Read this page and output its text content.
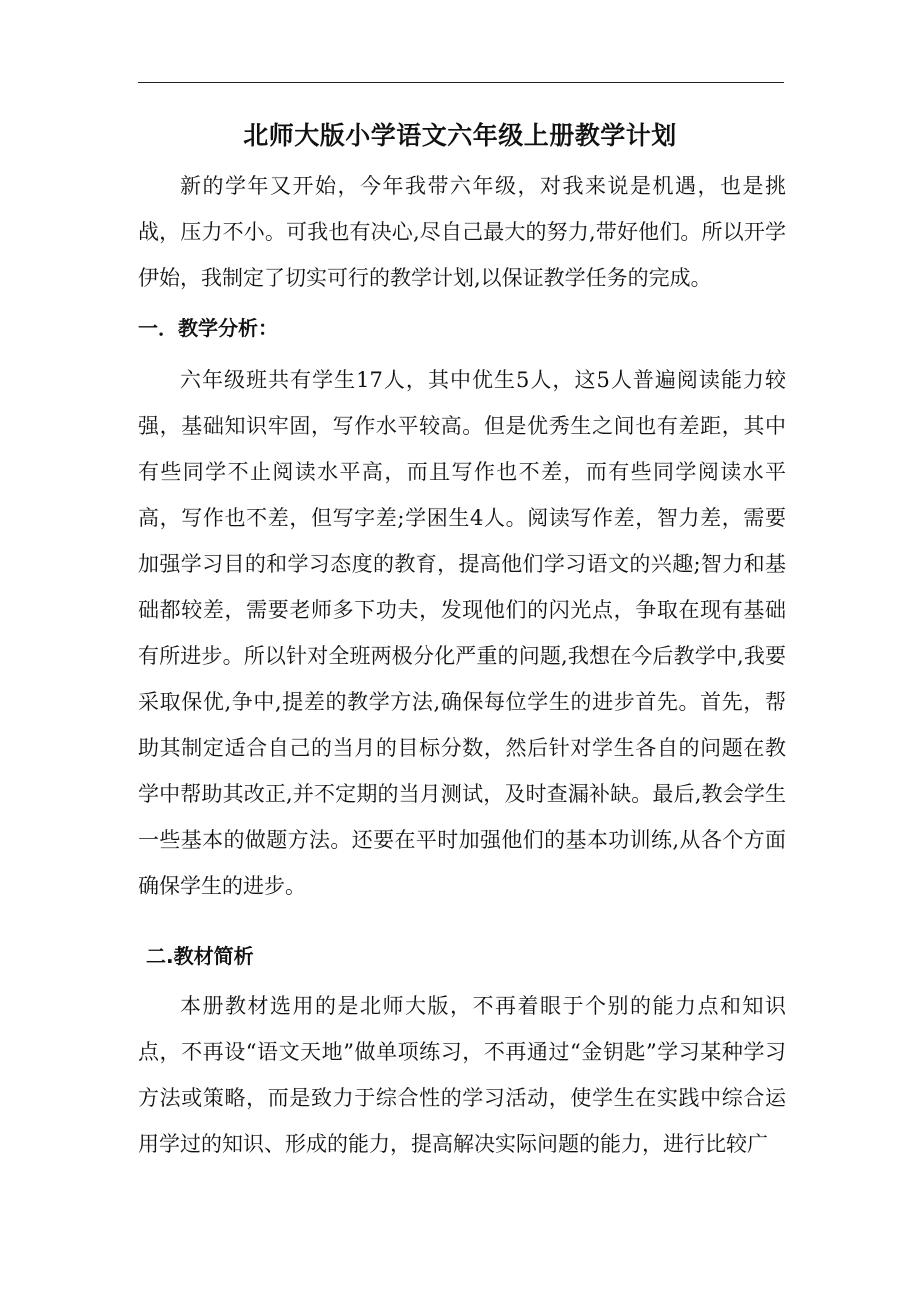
北师大版小学语文六年级上册教学计划

新的学年又开始，今年我带六年级，对我来说是机遇，也是挑战，压力不小。可我也有决心,尽自己最大的努力,带好他们。所以开学伊始，我制定了切实可行的教学计划,以保证教学任务的完成。

一．教学分析：

六年级班共有学生17人，其中优生5人，这5人普遍阅读能力较强，基础知识牢固，写作水平较高。但是优秀生之间也有差距，其中有些同学不止阅读水平高，而且写作也不差，而有些同学阅读水平高，写作也不差，但写字差;学困生4人。阅读写作差，智力差，需要加强学习目的和学习态度的教育，提高他们学习语文的兴趣;智力和基础都较差，需要老师多下功夫，发现他们的闪光点，争取在现有基础有所进步。所以针对全班两极分化严重的问题,我想在今后教学中,我要采取保优,争中,提差的教学方法,确保每位学生的进步首先。首先，帮助其制定适合自己的当月的目标分数，然后针对学生各自的问题在教学中帮助其改正,并不定期的当月测试，及时查漏补缺。最后,教会学生一些基本的做题方法。还要在平时加强他们的基本功训练,从各个方面确保学生的进步。

二.教材简析

本册教材选用的是北师大版，不再着眼于个别的能力点和知识点，不再设“语文天地”做单项练习，不再通过“金钥匙”学习某种学习方法或策略，而是致力于综合性的学习活动，使学生在实践中综合运用学过的知识、形成的能力，提高解决实际问题的能力，进行比较广
